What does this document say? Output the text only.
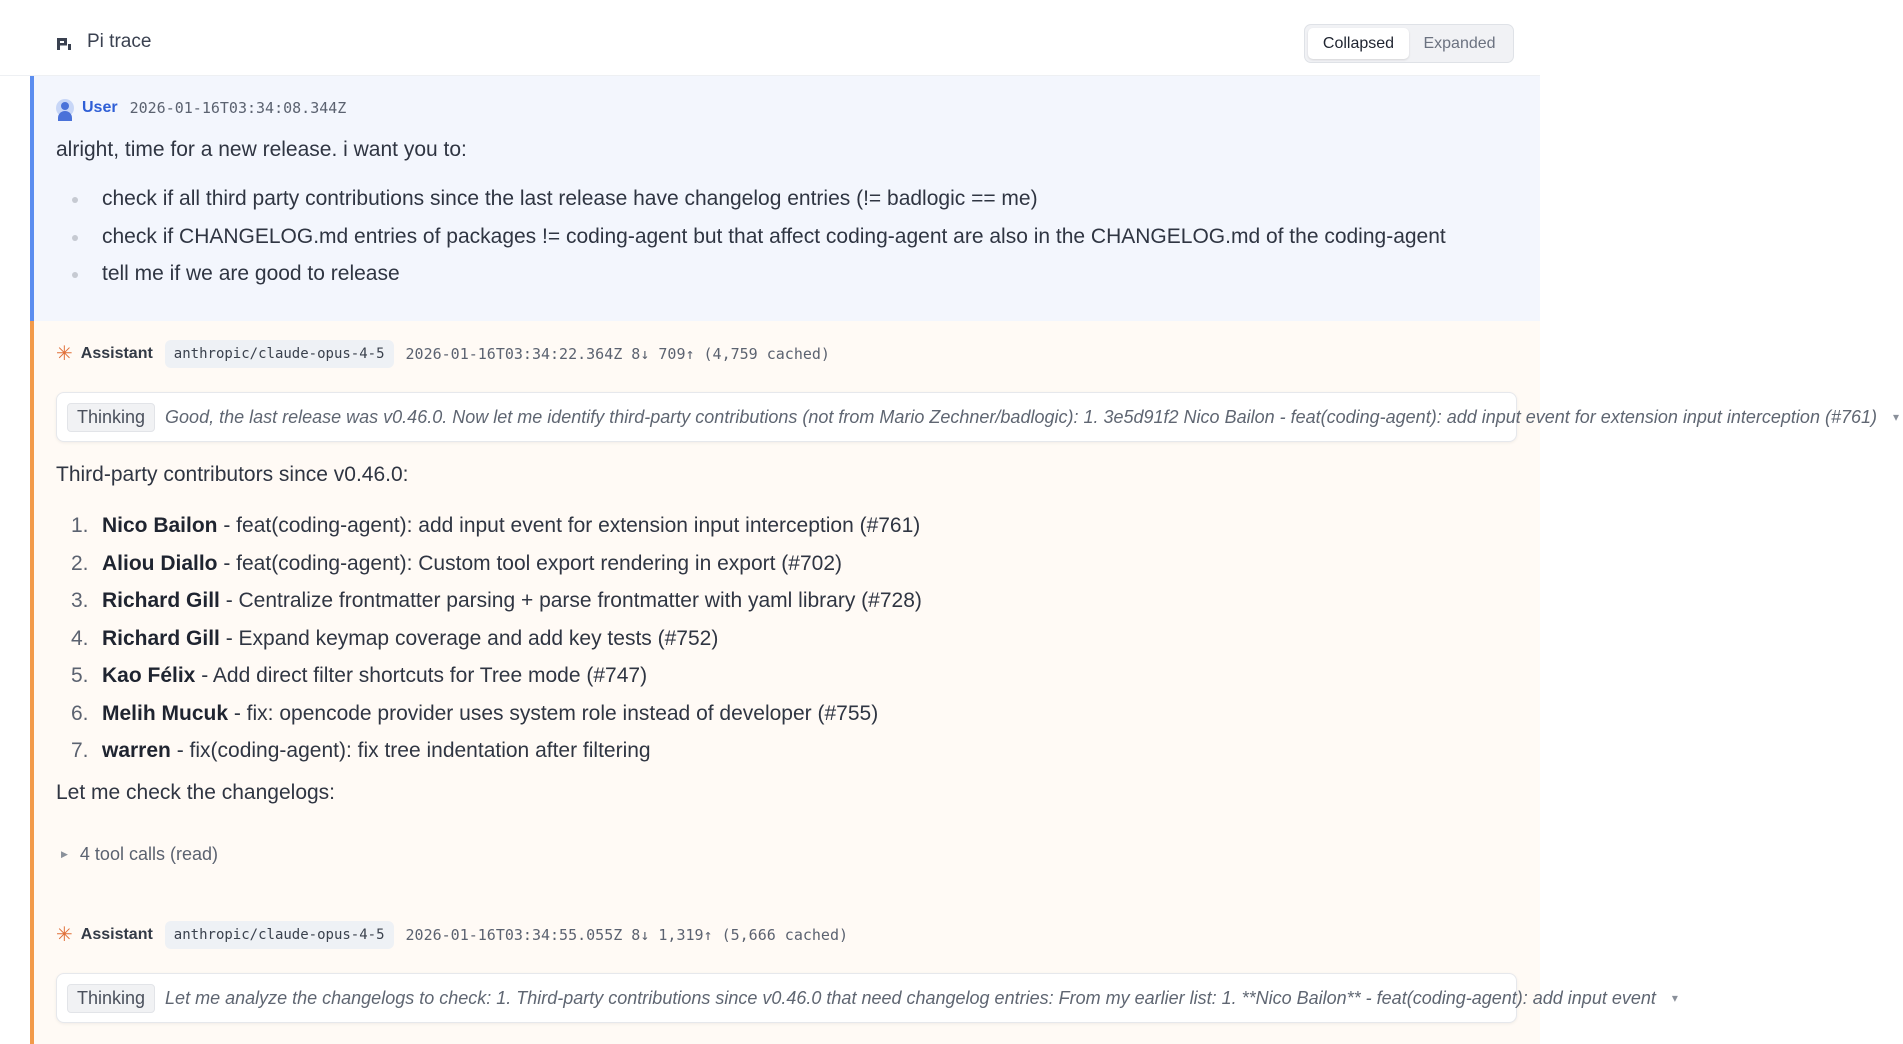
Pi trace	Collapsed	Expanded
User 2026-01-16T03:34:08.344Z
alright, time for a new release. i want you to:
check if all third party contributions since the last release have changelog entries (!= badlogic == me)
check if CHANGELOG.md entries of packages != coding-agent but that affect coding-agent are also in the CHANGELOG.md of the coding-agent
tell me if we are good to release
✳ Assistant	anthropic/claude-opus-4-5	2026-01-16T03:34:22.364Z 8↓ 709↑ (4,759 cached)
Thinking	Good, the last release was v0.46.0. Now let me identify third-party contributions (not from Mario Zechner/badlogic): 1. 3e5d91f2 Nico Bailon - feat(coding-agent): add input event for extension input interception (#761)	▾
Third-party contributors since v0.46.0:
1. Nico Bailon - feat(coding-agent): add input event for extension input interception (#761)
2. Aliou Diallo - feat(coding-agent): Custom tool export rendering in export (#702)
3. Richard Gill - Centralize frontmatter parsing + parse frontmatter with yaml library (#728)
4. Richard Gill - Expand keymap coverage and add key tests (#752)
5. Kao Félix - Add direct filter shortcuts for Tree mode (#747)
6. Melih Mucuk - fix: opencode provider uses system role instead of developer (#755)
7. warren - fix(coding-agent): fix tree indentation after filtering
Let me check the changelogs:
▶ 4 tool calls (read)
✳ Assistant	anthropic/claude-opus-4-5	2026-01-16T03:34:55.055Z 8↓ 1,319↑ (5,666 cached)
Thinking	Let me analyze the changelogs to check: 1. Third-party contributions since v0.46.0 that need changelog entries: From my earlier list: 1. **Nico Bailon** - feat(coding-agent): add input event	▾
